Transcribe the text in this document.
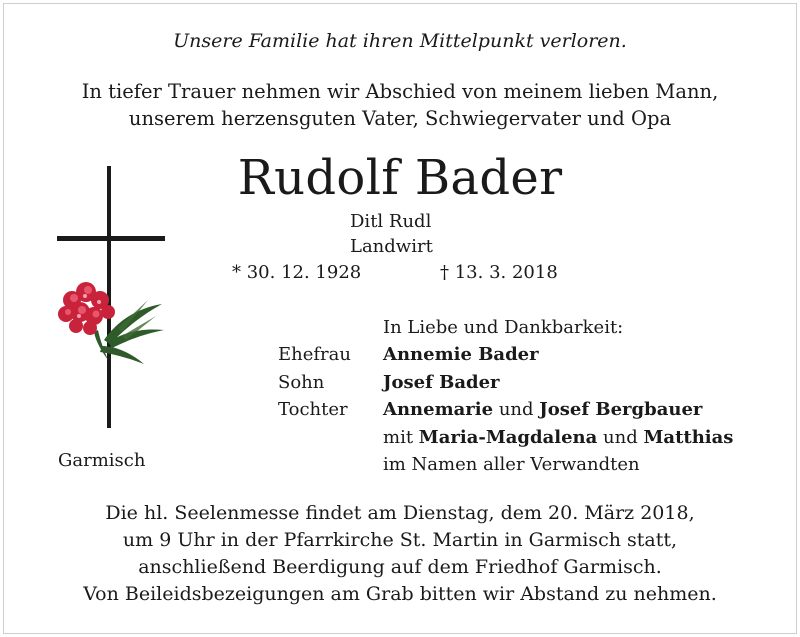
Unsere Familie hat ihren Mittelpunkt verloren.
In tiefer Trauer nehmen wir Abschied von meinem lieben Mann,
unserem herzensguten Vater, Schwiegervater und Opa
Rudolf Bader
Ditl Rudl
Landwirt
* 30. 12. 1928	† 13. 3. 2018
Garmisch
In Liebe und Dankbarkeit:
Ehefrau Annemie Bader
Sohn	Josef Bader
Tochter Annemarie und Josef Bergbauer
mit Maria-Magdalena und Matthias
im Namen aller Verwandten
Die hl. Seelenmesse findet am Dienstag, dem 20. März 2018,
um 9 Uhr in der Pfarrkirche St. Martin in Garmisch statt,
anschließend Beerdigung auf dem Friedhof Garmisch.
Von Beileidsbezeigungen am Grab bitten wir Abstand zu nehmen.
